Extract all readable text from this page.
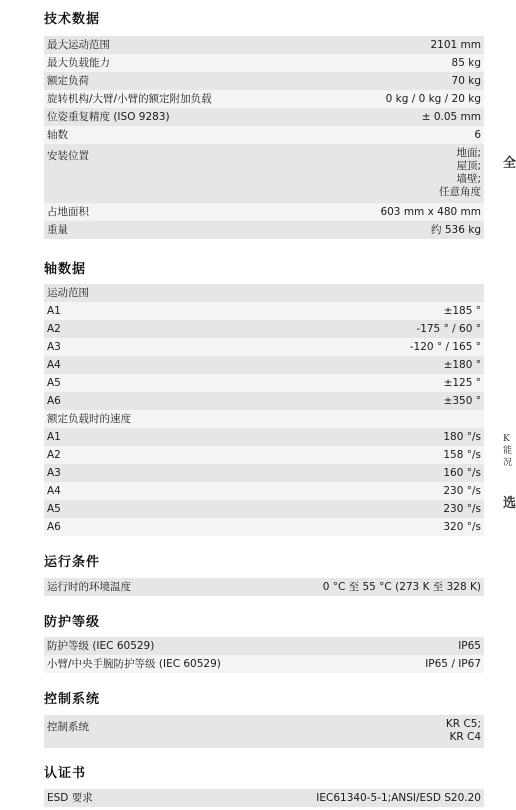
技术数据
最大运动范围	2101 mm
最大负载能力	85 kg
额定负荷	70 kg
旋转机构/大臂/小臂的额定附加负载	0 kg / 0 kg / 20 kg
位姿重复精度 (ISO 9283)	± 0.05 mm
轴数	6
安装位置	地面;
屋顶;
墙壁;
任意角度

占地面积	603 mm x 480 mm
重量	约 536 kg
轴数据
运动范围	
A1	±185 °
A2	-175 ° / 60 °
A3	-120 ° / 165 °
A4	±180 °
A5	±125 °
A6	±350 °
额定负载时的速度	
A1	180 °/s
A2	158 °/s
A3	160 °/s
A4	230 °/s
A5	230 °/s
A6	320 °/s
运行条件
运行时的环境温度	0 °C 至 55 °C (273 K 至 328 K)
防护等级
防护等级 (IEC 60529)	IP65
小臂/中央手腕防护等级 (IEC 60529)	IP65 / IP67
控制系统
控制系统	KR C5;
KR C4
认证书
ESD 要求	IEC61340-5-1;ANSI/ESD S20.20
全
K
能
况
选
